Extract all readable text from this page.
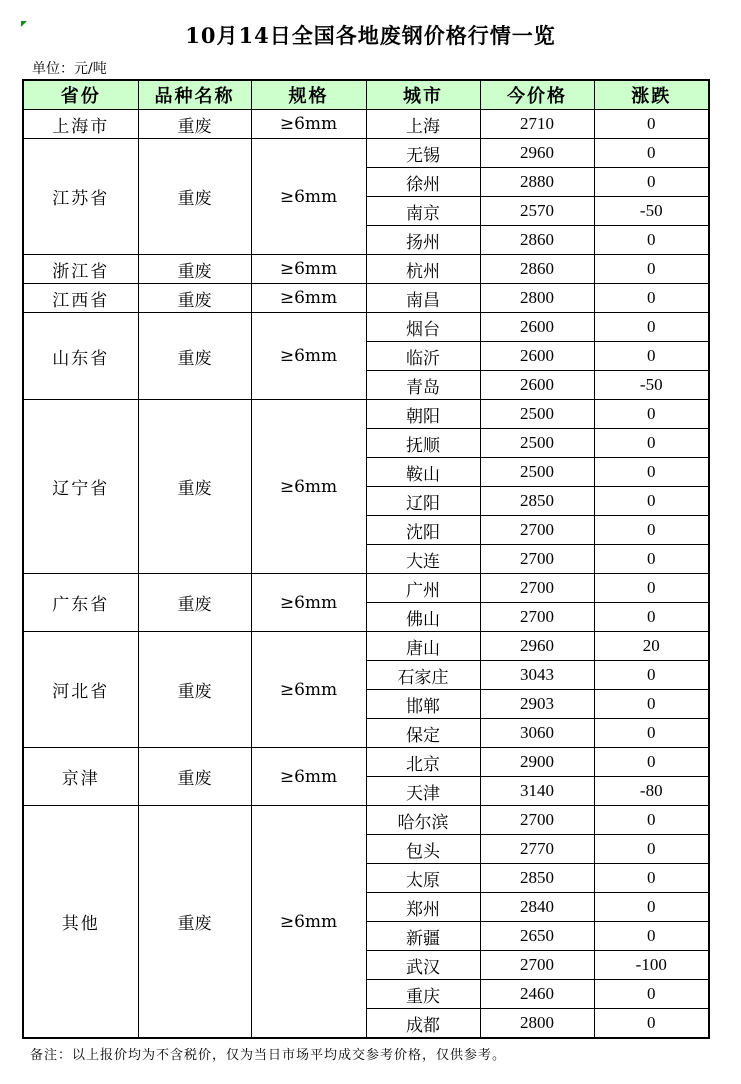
10月14日全国各地废钢价格行情一览
单位：元/吨
省份	品种名称	规格	城市	今价格	涨跌
上海市	重废	≥6mm	上海	2710	0
江苏省	重废	≥6mm	无锡	2960	0
			徐州	2880	0
			南京	2570	-50
			扬州	2860	0
浙江省	重废	≥6mm	杭州	2860	0
江西省	重废	≥6mm	南昌	2800	0
山东省	重废	≥6mm	烟台	2600	0
			临沂	2600	0
			青岛	2600	-50
辽宁省	重废	≥6mm	朝阳	2500	0
			抚顺	2500	0
			鞍山	2500	0
			辽阳	2850	0
			沈阳	2700	0
			大连	2700	0
广东省	重废	≥6mm	广州	2700	0
			佛山	2700	0
河北省	重废	≥6mm	唐山	2960	20
			石家庄	3043	0
			邯郸	2903	0
			保定	3060	0
京津	重废	≥6mm	北京	2900	0
			天津	3140	-80
其他	重废	≥6mm	哈尔滨	2700	0
			包头	2770	0
			太原	2850	0
			郑州	2840	0
			新疆	2650	0
			武汉	2700	-100
			重庆	2460	0
			成都	2800	0
备注：以上报价均为不含税价，仅为当日市场平均成交参考价格，仅供参考。
